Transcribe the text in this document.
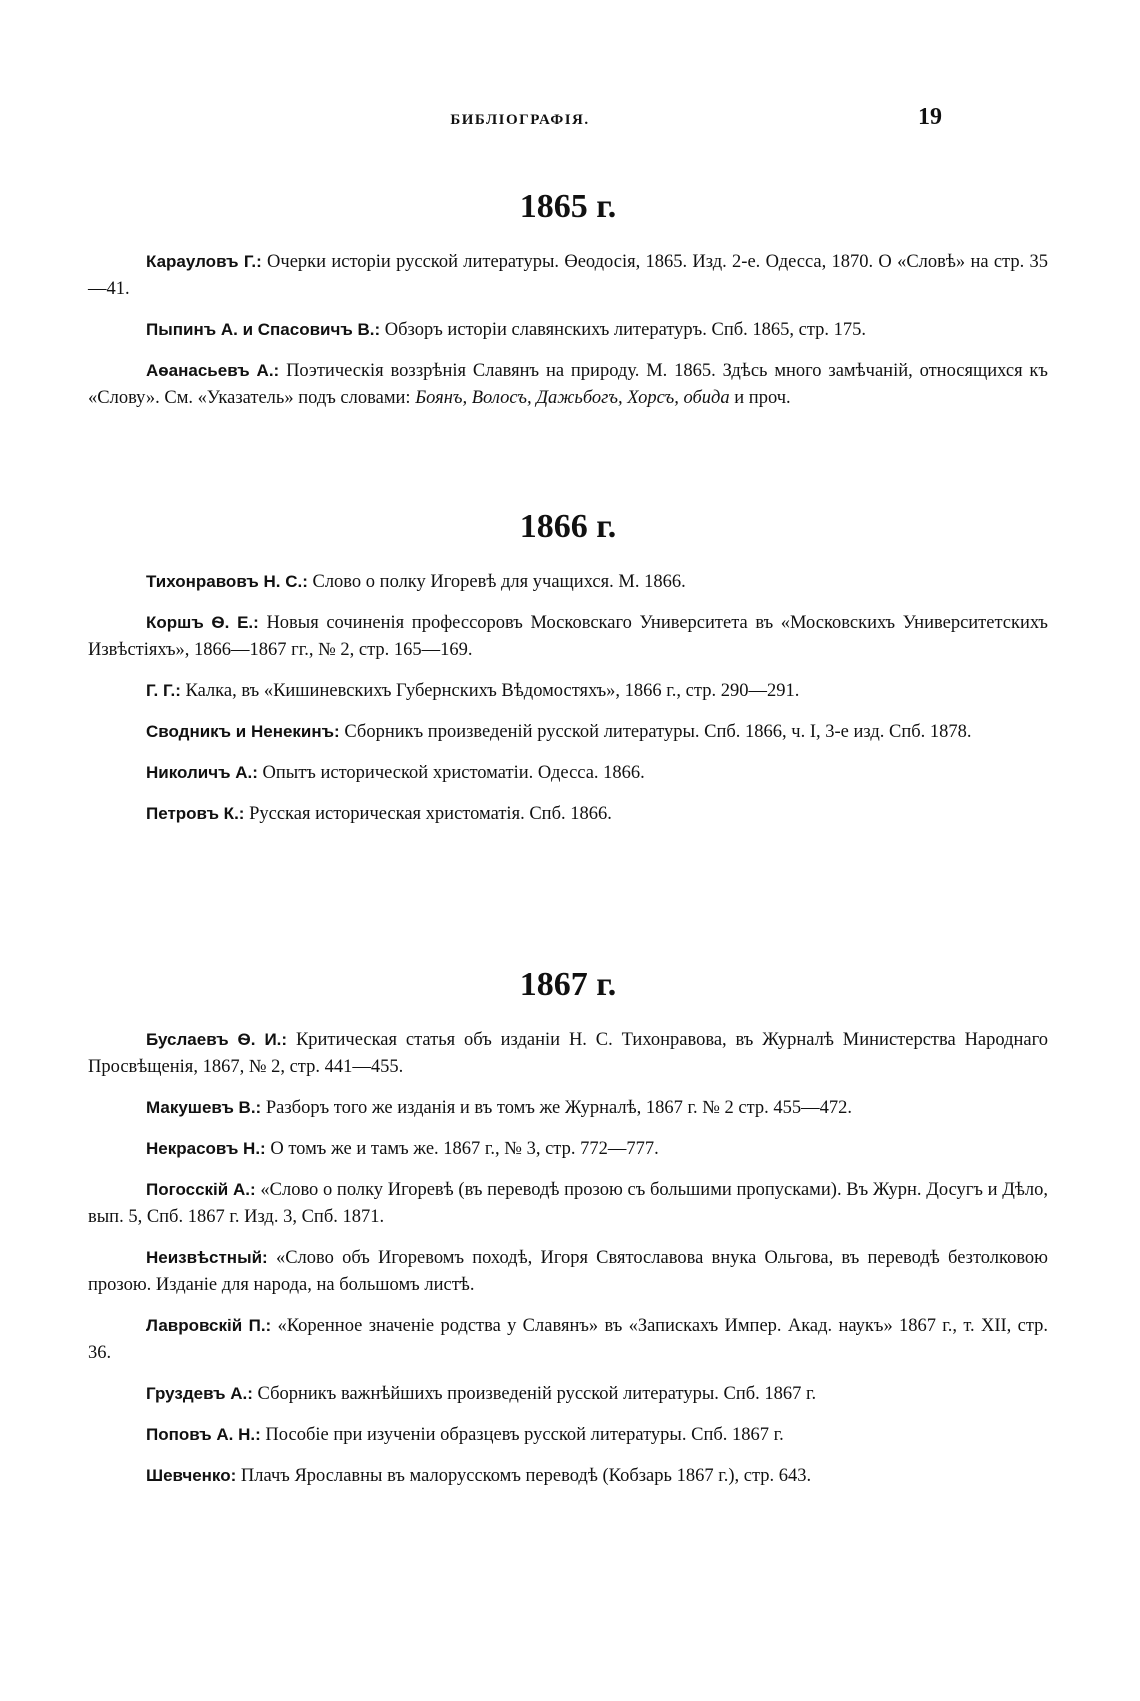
БИБЛІОГРАФІЯ.	19
1865 г.

Карауловъ Г.: Очерки исторіи русской литературы. Өеодосія, 1865. Изд. 2-е. Одесса, 1870. О «Словѣ» на стр. 35—41.

Пыпинъ А. и Спасовичъ В.: Обзоръ исторіи славянскихъ литературъ. Спб. 1865, стр. 175.

Аѳанасьевъ А.: Поэтическія воззрѣнія Славянъ на природу. М. 1865. Здѣсь много замѣчаній, относящихся къ «Слову». См. «Указатель» подъ словами: Боянъ, Волосъ, Дажьбогъ, Хорсъ, обида и проч.

1866 г.

Тихонравовъ Н. С.: Слово о полку Игоревѣ для учащихся. М. 1866.

Коршъ Ѳ. Е.: Новыя сочиненія профессоровъ Московскаго Университета въ «Московскихъ Университетскихъ Извѣстіяхъ», 1866—1867 гг., № 2, стр. 165—169.

Г. Г.: Калка, въ «Кишиневскихъ Губернскихъ Вѣдомостяхъ», 1866 г., стр. 290—291.

Сводникъ и Ненекинъ: Сборникъ произведеній русской литературы. Спб. 1866, ч. I, 3-е изд. Спб. 1878.

Николичъ А.: Опытъ исторической христоматіи. Одесса. 1866.

Петровъ К.: Русская историческая христоматія. Спб. 1866.

1867 г.

Буслаевъ Ѳ. И.: Критическая статья объ изданіи Н. С. Тихонравова, въ Журналѣ Министерства Народнаго Просвѣщенія, 1867, № 2, стр. 441—455.

Макушевъ В.: Разборъ того же изданія и въ томъ же Журналѣ, 1867 г. № 2 стр. 455—472.

Некрасовъ Н.: О томъ же и тамъ же. 1867 г., № 3, стр. 772—777.

Погосскій А.: «Слово о полку Игоревѣ (въ переводѣ прозою съ большими пропусками). Въ Журн. Досугъ и Дѣло, вып. 5, Спб. 1867 г. Изд. 3, Спб. 1871.

Неизвѣстный: «Слово объ Игоревомъ походѣ, Игоря Святославова внука Ольгова, въ переводѣ безтолковою прозою. Изданіе для народа, на большомъ листѣ.

Лавровскій П.: «Коренное значеніе родства у Славянъ» въ «Запискахъ Импер. Акад. наукъ» 1867 г., т. XII, стр. 36.

Груздевъ А.: Сборникъ важнѣйшихъ произведеній русской литературы. Спб. 1867 г.

Поповъ А. Н.: Пособіе при изученіи образцевъ русской литературы. Спб. 1867 г.

Шевченко: Плачъ Ярославны въ малорусскомъ переводѣ (Кобзарь 1867 г.), стр. 643.
